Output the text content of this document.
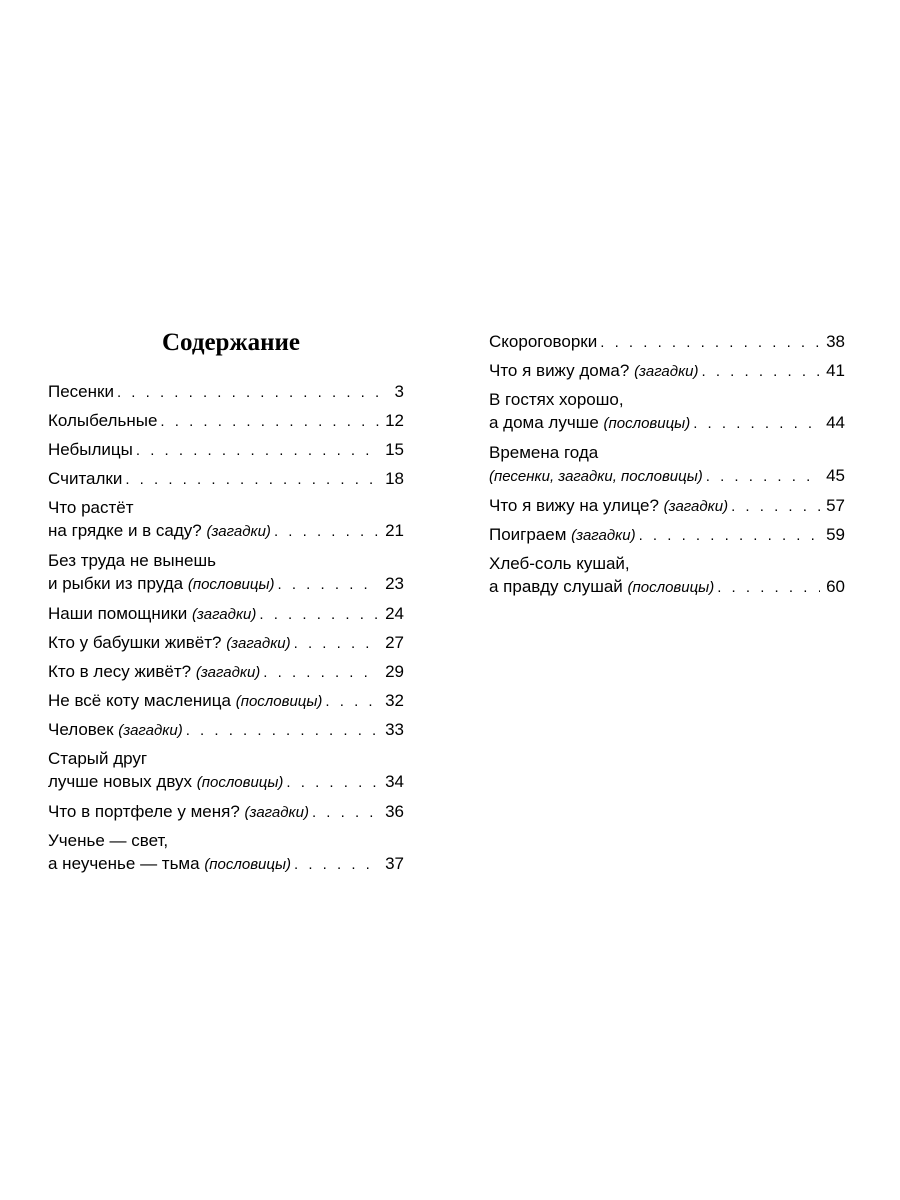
Содержание
Песенки . . .	3
Колыбельные . . .	12
Небылицы . . .	15
Считалки . . .	18
Что растёт
на грядке и в саду? (загадки) . . .	21
Без труда не вынешь
и рыбки из пруда (пословицы) . . .	23
Наши помощники (загадки) . . .	24
Кто у бабушки живёт? (загадки) . . .	27
Кто в лесу живёт? (загадки) . . .	29
Не всё коту масленица (пословицы) . . .	32
Человек (загадки) . . .	33
Старый друг
лучше новых двух (пословицы) . . .	34
Что в портфеле у меня? (загадки) . . .	36
Ученье — свет,
а неученье — тьма (пословицы) . . .	37
Скороговорки . . .	38
Что я вижу дома? (загадки) . . .	41
В гостях хорошо,
а дома лучше (пословицы) . . .	44
Времена года
(песенки, загадки, пословицы) . . .	45
Что я вижу на улице? (загадки) . . .	57
Поиграем (загадки) . . .	59
Хлеб-соль кушай,
а правду слушай (пословицы) . . .	60
